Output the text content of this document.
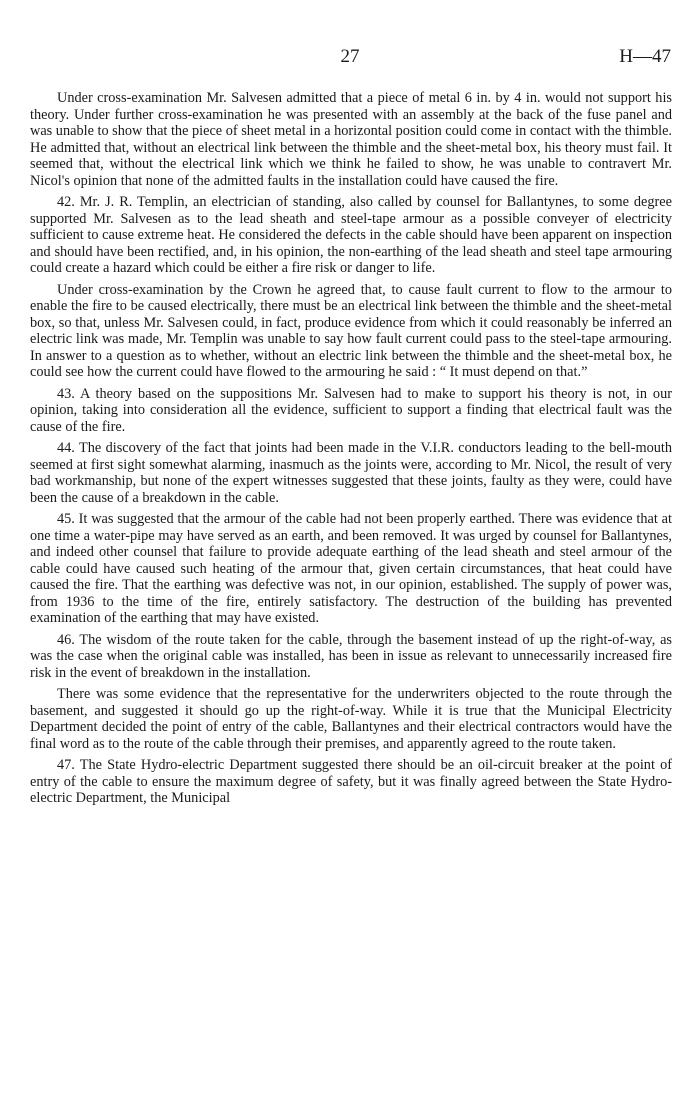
27	H—47

Under cross-examination Mr. Salvesen admitted that a piece of metal 6 in. by 4 in. would not support his theory. Under further cross-examination he was presented with an assembly at the back of the fuse panel and was unable to show that the piece of sheet metal in a horizontal position could come in contact with the thimble. He admitted that, without an electrical link between the thimble and the sheet-metal box, his theory must fail. It seemed that, without the electrical link which we think he failed to show, he was unable to contravert Mr. Nicol's opinion that none of the admitted faults in the installation could have caused the fire.

42. Mr. J. R. Templin, an electrician of standing, also called by counsel for Ballantynes, to some degree supported Mr. Salvesen as to the lead sheath and steel-tape armour as a possible conveyer of electricity sufficient to cause extreme heat. He considered the defects in the cable should have been apparent on inspection and should have been rectified, and, in his opinion, the non-earthing of the lead sheath and steel tape armouring could create a hazard which could be either a fire risk or danger to life.

Under cross-examination by the Crown he agreed that, to cause fault current to flow to the armour to enable the fire to be caused electrically, there must be an electrical link between the thimble and the sheet-metal box, so that, unless Mr. Salvesen could, in fact, produce evidence from which it could reasonably be inferred an electric link was made, Mr. Templin was unable to say how fault current could pass to the steel-tape armouring. In answer to a question as to whether, without an electric link between the thimble and the sheet-metal box, he could see how the current could have flowed to the armouring he said : “ It must depend on that.”

43. A theory based on the suppositions Mr. Salvesen had to make to support his theory is not, in our opinion, taking into consideration all the evidence, sufficient to support a finding that electrical fault was the cause of the fire.

44. The discovery of the fact that joints had been made in the V.I.R. conductors leading to the bell-mouth seemed at first sight somewhat alarming, inasmuch as the joints were, according to Mr. Nicol, the result of very bad workmanship, but none of the expert witnesses suggested that these joints, faulty as they were, could have been the cause of a breakdown in the cable.

45. It was suggested that the armour of the cable had not been properly earthed. There was evidence that at one time a water-pipe may have served as an earth, and been removed. It was urged by counsel for Ballantynes, and indeed other counsel that failure to provide adequate earthing of the lead sheath and steel armour of the cable could have caused such heating of the armour that, given certain circumstances, that heat could have caused the fire. That the earthing was defective was not, in our opinion, established. The supply of power was, from 1936 to the time of the fire, entirely satisfactory. The destruction of the building has prevented examination of the earthing that may have existed.

46. The wisdom of the route taken for the cable, through the basement instead of up the right-of-way, as was the case when the original cable was installed, has been in issue as relevant to unnecessarily increased fire risk in the event of breakdown in the installation.

There was some evidence that the representative for the underwriters objected to the route through the basement, and suggested it should go up the right-of-way. While it is true that the Municipal Electricity Department decided the point of entry of the cable, Ballantynes and their electrical contractors would have the final word as to the route of the cable through their premises, and apparently agreed to the route taken.

47. The State Hydro-electric Department suggested there should be an oil-circuit breaker at the point of entry of the cable to ensure the maximum degree of safety, but it was finally agreed between the State Hydro-electric Department, the Municipal
